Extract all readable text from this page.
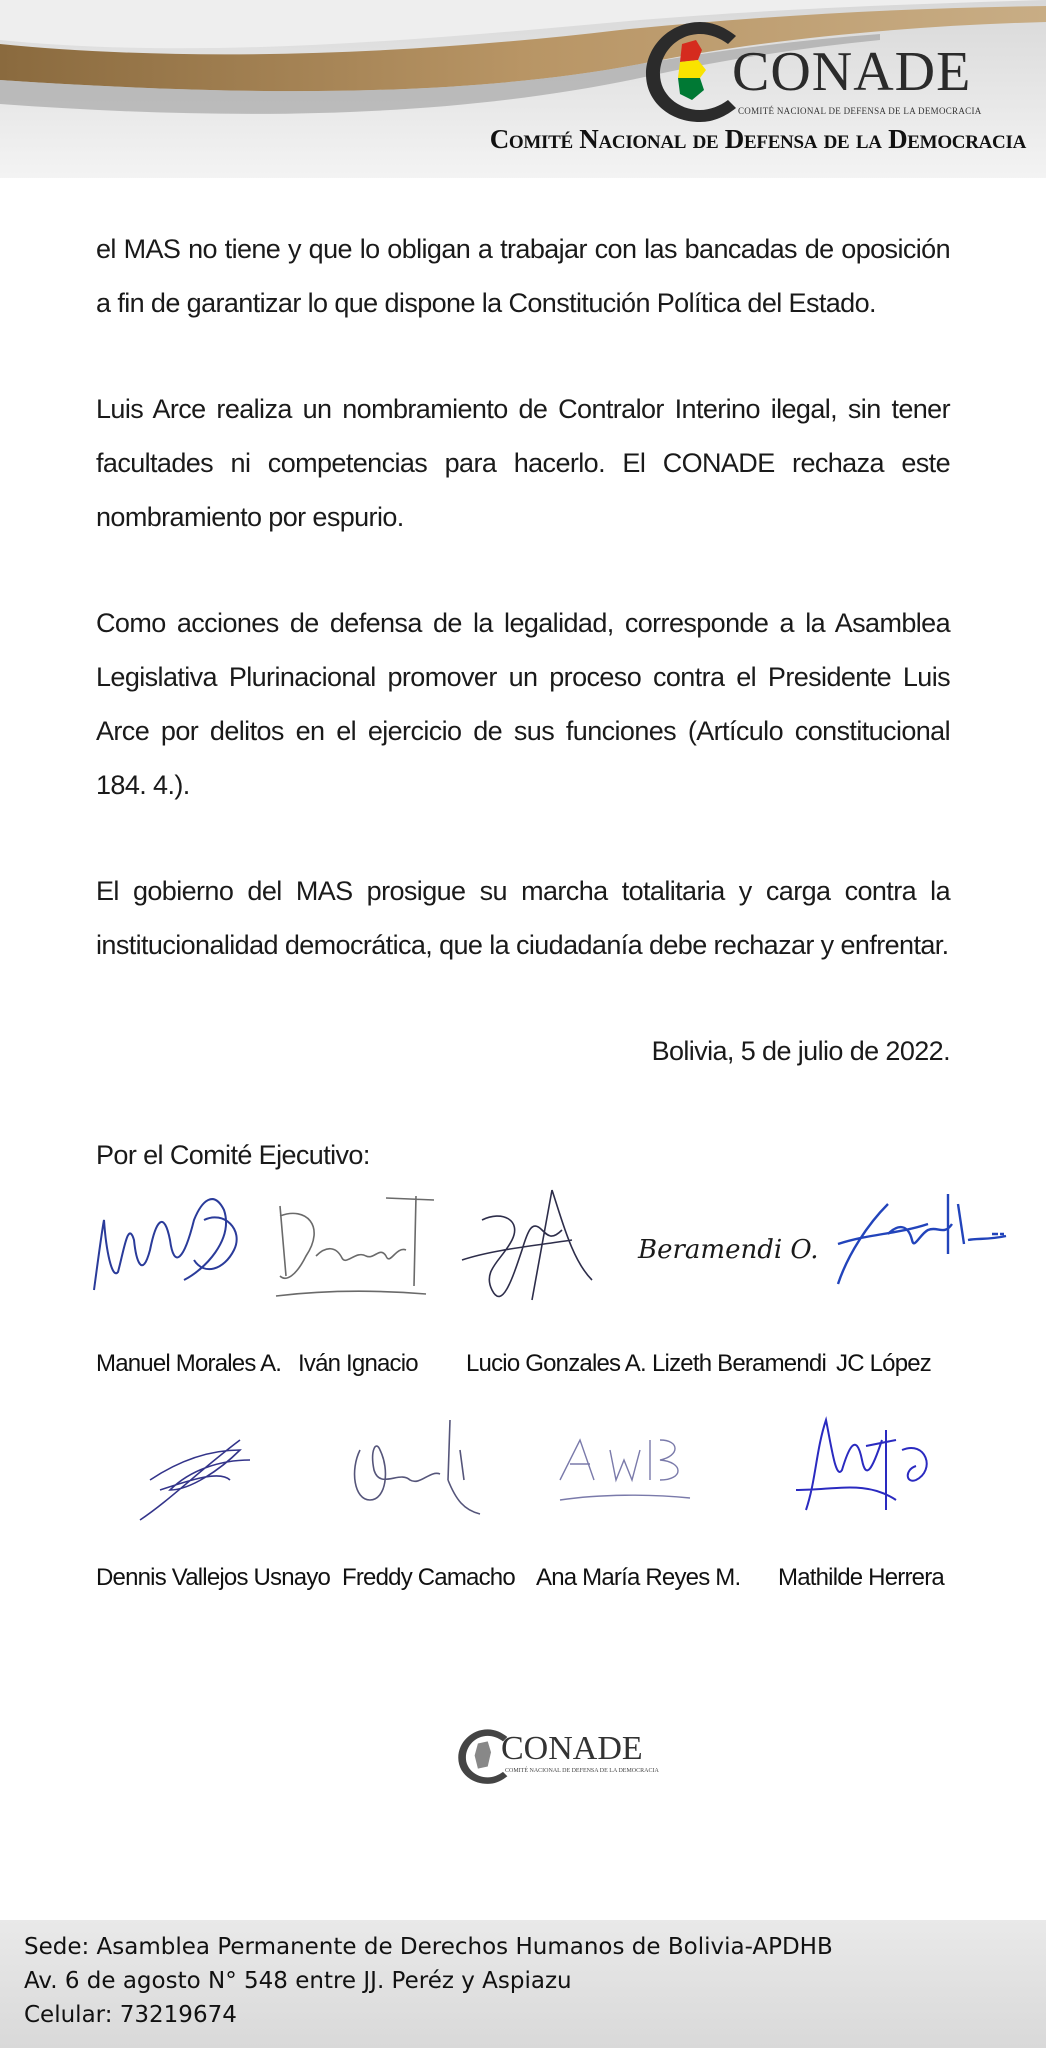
CONADE
COMITÉ NACIONAL DE DEFENSA DE LA DEMOCRACIA
Comité Nacional de Defensa de la Democracia

el MAS no tiene y que lo obligan a trabajar con las bancadas de oposición a fin de garantizar lo que dispone la Constitución Política del Estado.

Luis Arce realiza un nombramiento de Contralor Interino ilegal, sin tener facultades ni competencias para hacerlo. El CONADE rechaza este nombramiento por espurio.

Como acciones de defensa de la legalidad, corresponde a la Asamblea Legislativa Plurinacional promover un proceso contra el Presidente Luis Arce por delitos en el ejercicio de sus funciones (Artículo constitucional 184. 4.).

El gobierno del MAS prosigue su marcha totalitaria y carga contra la institucionalidad democrática, que la ciudadanía debe rechazar y enfrentar.

Bolivia, 5 de julio de 2022.
Por el Comité Ejecutivo:
Beramendi O.
Manuel Morales A. Iván Ignacio Lucio Gonzales A. Lizeth Beramendi JC López
Dennis Vallejos Usnayo Freddy Camacho Ana María Reyes M. Mathilde Herrera
CONADE
COMITÉ NACIONAL DE DEFENSA DE LA DEMOCRACIA
Sede: Asamblea Permanente de Derechos Humanos de Bolivia-APDHB
Av. 6 de agosto N° 548 entre JJ. Peréz y Aspiazu
Celular: 73219674
